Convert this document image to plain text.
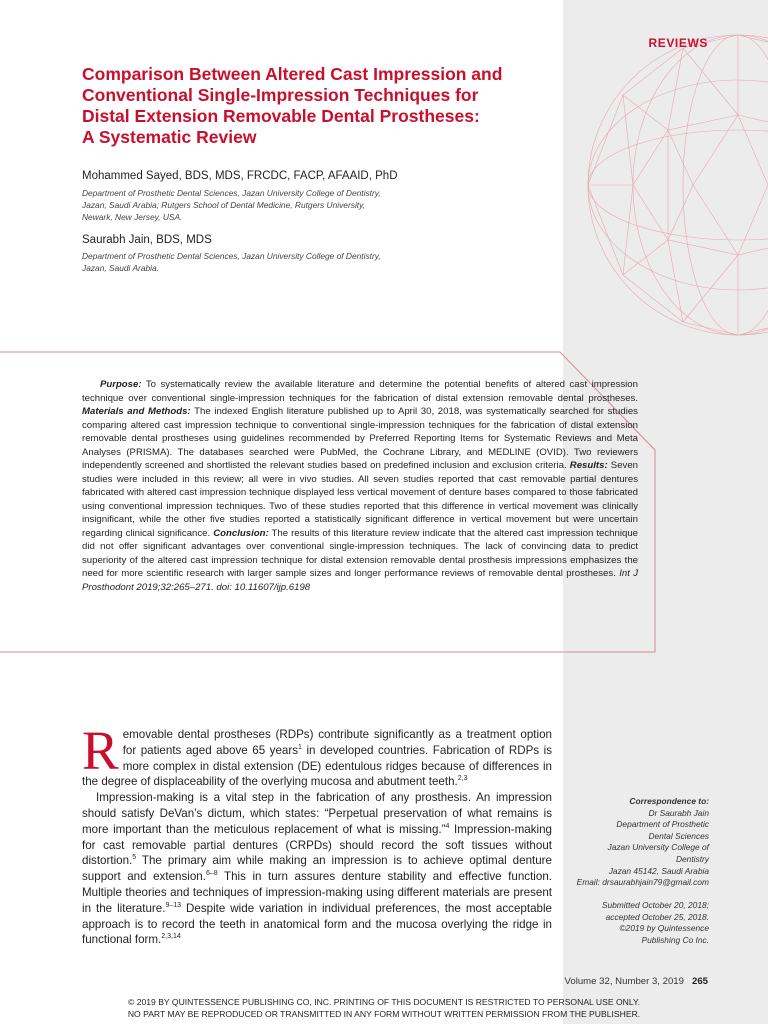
REVIEWS
Comparison Between Altered Cast Impression and
Conventional Single-Impression Techniques for
Distal Extension Removable Dental Prostheses:
A Systematic Review
Mohammed Sayed, BDS, MDS, FRCDC, FACP, AFAAID, PhD
Department of Prosthetic Dental Sciences, Jazan University College of Dentistry,
Jazan, Saudi Arabia; Rutgers School of Dental Medicine, Rutgers University,
Newark, New Jersey, USA.
Saurabh Jain, BDS, MDS
Department of Prosthetic Dental Sciences, Jazan University College of Dentistry,
Jazan, Saudi Arabia.

Purpose: To systematically review the available literature and determine the potential benefits of altered cast impression technique over conventional single-impression techniques for the fabrication of distal extension removable dental prostheses. Materials and Methods: The indexed English literature published up to April 30, 2018, was systematically searched for studies comparing altered cast impression technique to conventional single-impression techniques for the fabrication of distal extension removable dental prostheses using guidelines recommended by Preferred Reporting Items for Systematic Reviews and Meta Analyses (PRISMA). The databases searched were PubMed, the Cochrane Library, and MEDLINE (OVID). Two reviewers independently screened and shortlisted the relevant studies based on predefined inclusion and exclusion criteria. Results: Seven studies were included in this review; all were in vivo studies. All seven studies reported that cast removable partial dentures fabricated with altered cast impression technique displayed less vertical movement of denture bases compared to those fabricated using conventional impression techniques. Two of these studies reported that this difference in vertical movement was clinically insignificant, while the other five studies reported a statistically significant difference in vertical movement but were uncertain regarding clinical significance. Conclusion: The results of this literature review indicate that the altered cast impression technique did not offer significant advantages over conventional single-impression techniques. The lack of convincing data to predict superiority of the altered cast impression technique for distal extension removable dental prosthesis impressions emphasizes the need for more scientific research with larger sample sizes and longer performance reviews of removable dental prostheses. Int J Prosthodont 2019;32:265–271. doi: 10.11607/ijp.6198

Removable dental prostheses (RDPs) contribute significantly as a treatment option for patients aged above 65 years$^1$ in developed countries. Fabrication of RDPs is more complex in distal extension (DE) edentulous ridges because of differences in the degree of displaceability of the overlying mucosa and abutment teeth.$^{2,3}$

Impression-making is a vital step in the fabrication of any prosthesis. An impression should satisfy DeVan’s dictum, which states: “Perpetual preservation of what remains is more important than the meticulous replacement of what is missing.”$^4$ Impression-making for cast removable partial dentures (CRPDs) should record the soft tissues without distortion.$^5$ The primary aim while making an impression is to achieve optimal denture support and extension.$^{6-8}$ This in turn assures denture stability and effective function. Multiple theories and techniques of impression-making using different materials are present in the literature.$^{9-13}$ Despite wide variation in individual preferences, the most acceptable approach is to record the teeth in anatomical form and the mucosa overlying the ridge in functional form.$^{2,3,14}$

Correspondence to:
Dr Saurabh Jain
Department of Prosthetic
Dental Sciences
Jazan University College of
Dentistry
Jazan 45142, Saudi Arabia
Email: drsaurabhjain79@gmail.com
Submitted October 20, 2018;
accepted October 25, 2018.
©2019 by Quintessence
Publishing Co Inc.
Volume 32, Number 3, 2019 265
© 2019 BY QUINTESSENCE PUBLISHING CO, INC. PRINTING OF THIS DOCUMENT IS RESTRICTED TO PERSONAL USE ONLY.
NO PART MAY BE REPRODUCED OR TRANSMITTED IN ANY FORM WITHOUT WRITTEN PERMISSION FROM THE PUBLISHER.
